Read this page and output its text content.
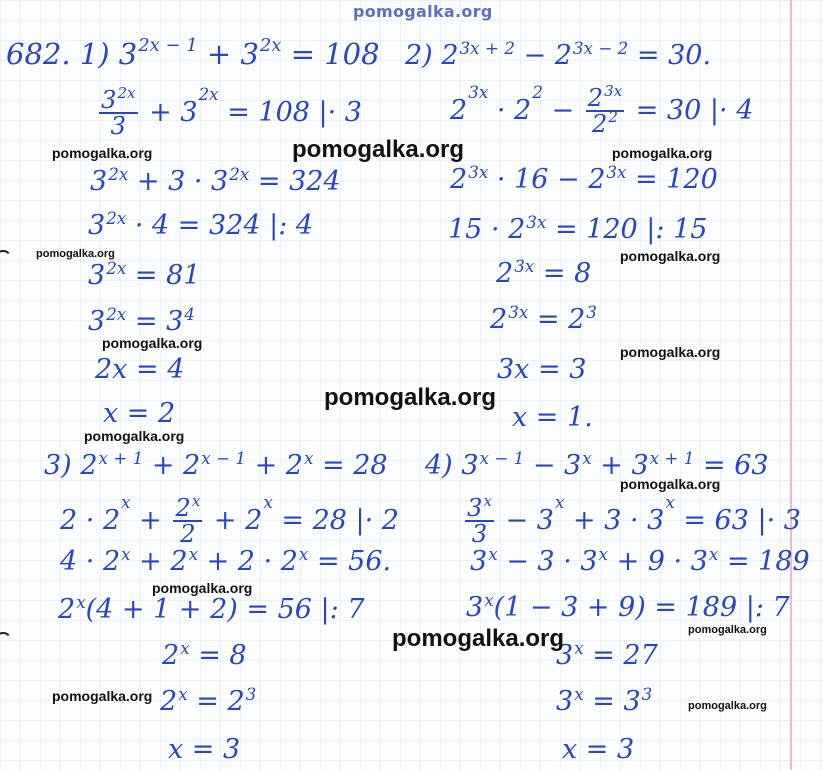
pomogalka.org
682. 1) $3^{2x - 1} + 3^{2x} = 108$
$\frac{3^{2x}}{3} + 3^{2x} = 108$ |· 3
$3^{2x} + 3 \cdot 3^{2x} = 324$
$3^{2x} \cdot 4 = 324$ |: 4
$3^{2x} = 81$
$3^{2x} = 3^4$
2x = 4
x = 2
2) $2^{3x + 2} - 2^{3x - 2} = 30$.
$2^{3x} \cdot 2^2 - \frac{2^{3x}}{2^2} = 30$ |· 4
$2^{3x} \cdot 16 - 2^{3x} = 120$
$15 \cdot 2^{3x} = 120$ |: 15
$2^{3x} = 8$
$2^{3x} = 2^3$
3x = 3
x = 1.
3) $2^{x + 1} + 2^{x - 1} + 2^x = 28$
$2 \cdot 2^x + \frac{2^x}{2} + 2^x = 28$ |· 2
$4 \cdot 2^x + 2^x + 2 \cdot 2^x = 56$.
$2^x(4 + 1 + 2) = 56$ |: 7
$2^x = 8$
$2^x = 2^3$
x = 3
4) $3^{x - 1} - 3^x + 3^{x + 1} = 63$
$\frac{3^x}{3} - 3^x + 3 \cdot 3^x = 63$ |· 3
$3^x - 3 \cdot 3^x + 9 \cdot 3^x = 189$
$3^x(1 - 3 + 9) = 189$ |: 7
$3^x = 27$
$3^x = 3^3$
x = 3
pomogalka.org	pomogalka.org	pomogalka.org
pomogalka.org	pomogalka.org
pomogalka.org
pomogalka.org
pomogalka.org
pomogalka.org
pomogalka.org
pomogalka.org
pomogalka.org	pomogalka.org
pomogalka.org
pomogalka.org
